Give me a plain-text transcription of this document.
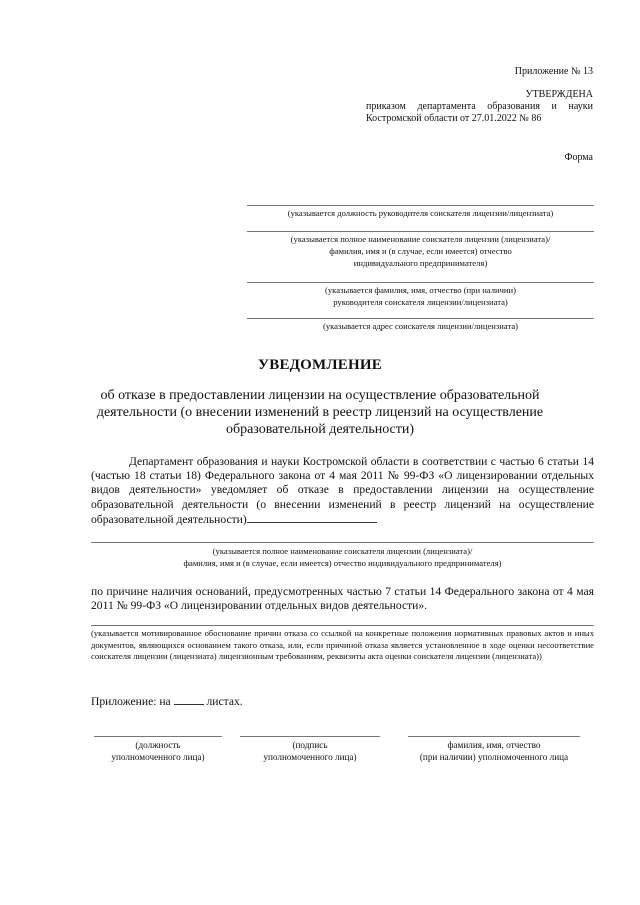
Приложение № 13
УТВЕРЖДЕНА
приказом департамента образования и науки
Костромской области от 27.01.2022 № 86
Форма
(указывается должность руководителя соискателя лицензии/лицензиата)
(указывается полное наименование соискателя лицензии (лицензиата)/
фамилия, имя и (в случае, если имеется) отчество
индивидуального предпринимателя)
(указывается фамилия, имя, отчество (при наличии)
руководителя соискателя лицензии/лицензиата)
(указывается адрес соискателя лицензии/лицензиата)
УВЕДОМЛЕНИЕ
об отказе в предоставлении лицензии на осуществление образовательной
деятельности (о внесении изменений в реестр лицензий на осуществление
образовательной деятельности)
Департамент образования и науки Костромской области в соответствии с частью 6 статьи 14 (частью 18 статьи 18) Федерального закона от 4 мая 2011 № 99-ФЗ «О лицензировании отдельных видов деятельности» уведомляет об отказе в предоставлении лицензии на осуществление образовательной деятельности (о внесении изменений в реестр лицензий на осуществление образовательной деятельности)
(указывается полное наименование соискателя лицензии (лицензиата)/
фамилия, имя и (в случае, если имеется) отчество индивидуального предпринимателя)
по причине наличия оснований, предусмотренных частью 7 статьи 14 Федерального закона от 4 мая 2011 № 99-ФЗ «О лицензировании отдельных видов деятельности».
(указывается мотивированное обоснование причин отказа со ссылкой на конкретные положения нормативных правовых актов и иных документов, являющихся основанием такого отказа, или, если причиной отказа является установленное в ходе оценки несоответствие соискателя лицензии (лицензиата) лицензионным требованиям, реквизиты акта оценки соискателя лицензии (лицензиата))
Приложение: на	листах.
(должность
уполномоченного лица)
(подпись
уполномоченного лица)
фамилия, имя, отчество
(при наличии) уполномоченного лица
